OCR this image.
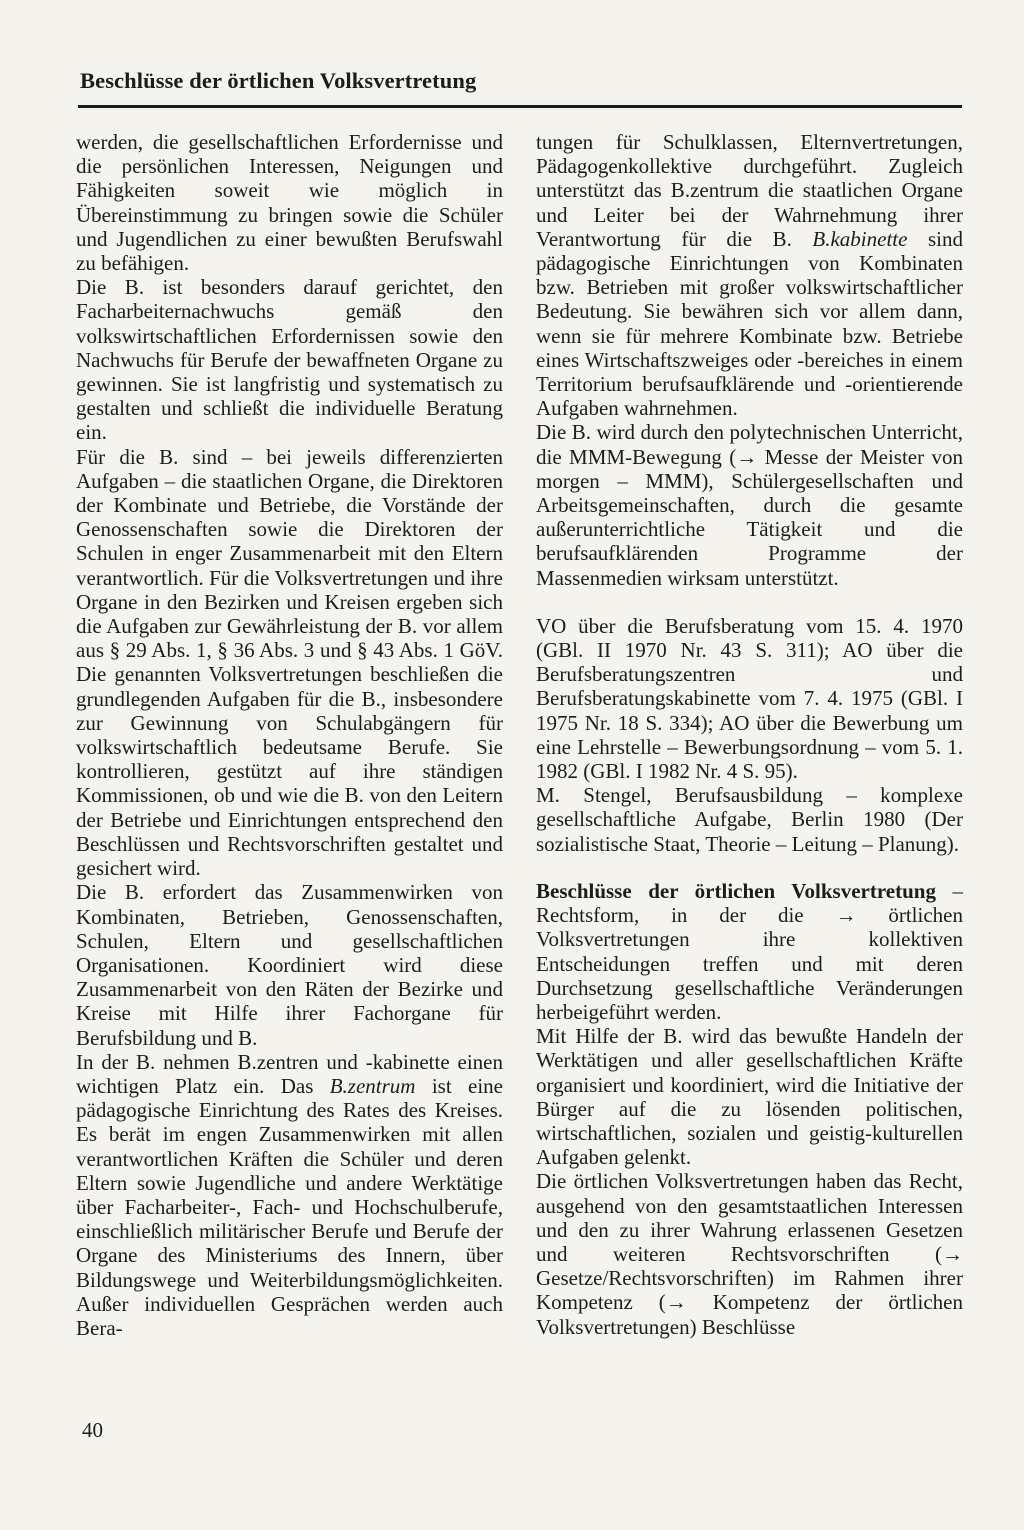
Beschlüsse der örtlichen Volksvertretung

werden, die gesellschaftlichen Erfordernisse und die persönlichen Interessen, Neigungen und Fähigkeiten soweit wie möglich in Übereinstimmung zu bringen sowie die Schüler und Jugendlichen zu einer bewußten Berufswahl zu befähigen.

Die B. ist besonders darauf gerichtet, den Facharbeiternachwuchs gemäß den volkswirtschaftlichen Erfordernissen sowie den Nachwuchs für Berufe der bewaffneten Organe zu gewinnen. Sie ist langfristig und systematisch zu gestalten und schließt die individuelle Beratung ein.

Für die B. sind – bei jeweils differenzierten Aufgaben – die staatlichen Organe, die Direktoren der Kombinate und Betriebe, die Vorstände der Genossenschaften sowie die Direktoren der Schulen in enger Zusammenarbeit mit den Eltern verantwortlich. Für die Volksvertretungen und ihre Organe in den Bezirken und Kreisen ergeben sich die Aufgaben zur Gewährleistung der B. vor allem aus § 29 Abs. 1, § 36 Abs. 3 und § 43 Abs. 1 GöV. Die genannten Volksvertretungen beschließen die grundlegenden Aufgaben für die B., insbesondere zur Gewinnung von Schulabgängern für volkswirtschaftlich bedeutsame Berufe. Sie kontrollieren, gestützt auf ihre ständigen Kommissionen, ob und wie die B. von den Leitern der Betriebe und Einrichtungen entsprechend den Beschlüssen und Rechtsvorschriften gestaltet und gesichert wird.

Die B. erfordert das Zusammenwirken von Kombinaten, Betrieben, Genossenschaften, Schulen, Eltern und gesellschaftlichen Organisationen. Koordiniert wird diese Zusammenarbeit von den Räten der Bezirke und Kreise mit Hilfe ihrer Fachorgane für Berufsbildung und B.

In der B. nehmen B.zentren und -kabinette einen wichtigen Platz ein. Das B.zentrum ist eine pädagogische Einrichtung des Rates des Kreises. Es berät im engen Zusammenwirken mit allen verantwortlichen Kräften die Schüler und deren Eltern sowie Jugendliche und andere Werktätige über Facharbeiter-, Fach- und Hochschulberufe, einschließlich militärischer Berufe und Berufe der Organe des Ministeriums des Innern, über Bildungswege und Weiterbildungsmöglichkeiten. Außer individuellen Gesprächen werden auch Bera-

tungen für Schulklassen, Elternvertretungen, Pädagogenkollektive durchgeführt. Zugleich unterstützt das B.zentrum die staatlichen Organe und Leiter bei der Wahrnehmung ihrer Verantwortung für die B. B.kabinette sind pädagogische Einrichtungen von Kombinaten bzw. Betrieben mit großer volkswirtschaftlicher Bedeutung. Sie bewähren sich vor allem dann, wenn sie für mehrere Kombinate bzw. Betriebe eines Wirtschaftszweiges oder -bereiches in einem Territorium berufsaufklärende und -orientierende Aufgaben wahrnehmen.

Die B. wird durch den polytechnischen Unterricht, die MMM-Bewegung (→ Messe der Meister von morgen – MMM), Schülergesellschaften und Arbeitsgemeinschaften, durch die gesamte außerunterrichtliche Tätigkeit und die berufsaufklärenden Programme der Massenmedien wirksam unterstützt.

VO über die Berufsberatung vom 15. 4. 1970 (GBl. II 1970 Nr. 43 S. 311); AO über die Berufsberatungszentren und Berufsberatungskabinette vom 7. 4. 1975 (GBl. I 1975 Nr. 18 S. 334); AO über die Bewerbung um eine Lehrstelle – Bewerbungsordnung – vom 5. 1. 1982 (GBl. I 1982 Nr. 4 S. 95).

M. Stengel, Berufsausbildung – komplexe gesellschaftliche Aufgabe, Berlin 1980 (Der sozialistische Staat, Theorie – Leitung – Planung).

Beschlüsse der örtlichen Volksvertretung – Rechtsform, in der die → örtlichen Volksvertretungen ihre kollektiven Entscheidungen treffen und mit deren Durchsetzung gesellschaftliche Veränderungen herbeigeführt werden.

Mit Hilfe der B. wird das bewußte Handeln der Werktätigen und aller gesellschaftlichen Kräfte organisiert und koordiniert, wird die Initiative der Bürger auf die zu lösenden politischen, wirtschaftlichen, sozialen und geistig-kulturellen Aufgaben gelenkt.

Die örtlichen Volksvertretungen haben das Recht, ausgehend von den gesamtstaatlichen Interessen und den zu ihrer Wahrung erlassenen Gesetzen und weiteren Rechtsvorschriften (→ Gesetze/Rechtsvorschriften) im Rahmen ihrer Kompetenz (→ Kompetenz der örtlichen Volksvertretungen) Beschlüsse

40
